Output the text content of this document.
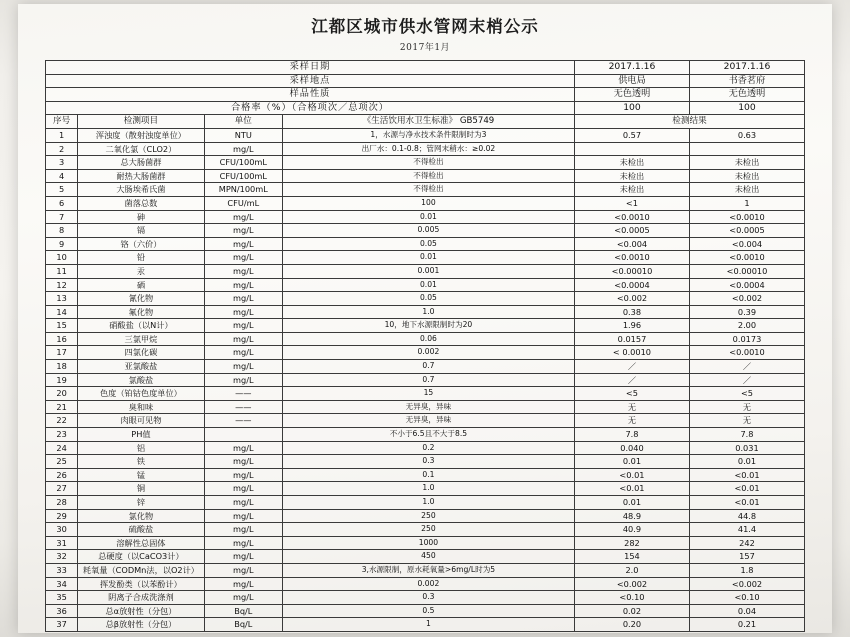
江都区城市供水管网末梢公示
2017年1月
采样日期				2017.1.16	2017.1.16
采样地点				供电局	书香茗府
样品性质				无色透明	无色透明
合格率（%）（合格项次／总项次）				100	100
序号	检测项目	单位	《生活饮用水卫生标准》 GB5749	检测结果	
1	浑浊度（散射浊度单位）	NTU	1，水源与净水技术条件限制时为3	0.57	0.63
2	二氧化氯（CLO2）	mg/L	出厂水：0.1-0.8；管网末稍水：≥0.02		
3	总大肠菌群	CFU/100mL	不得检出	未检出	未检出
4	耐热大肠菌群	CFU/100mL	不得检出	未检出	未检出
5	大肠埃希氏菌	MPN/100mL	不得检出	未检出	未检出
6	菌落总数	CFU/mL	100	<1	1
7	砷	mg/L	0.01	<0.0010	<0.0010
8	镉	mg/L	0.005	<0.0005	<0.0005
9	铬（六价）	mg/L	0.05	<0.004	<0.004
10	铅	mg/L	0.01	<0.0010	<0.0010
11	汞	mg/L	0.001	<0.00010	<0.00010
12	硒	mg/L	0.01	<0.0004	<0.0004
13	氰化物	mg/L	0.05	<0.002	<0.002
14	氟化物	mg/L	1.0	0.38	0.39
15	硝酸盐（以N计）	mg/L	10，地下水源限制时为20	1.96	2.00
16	三氯甲烷	mg/L	0.06	0.0157	0.0173
17	四氯化碳	mg/L	0.002	< 0.0010	<0.0010
18	亚氯酸盐	mg/L	0.7	／	／
19	氯酸盐	mg/L	0.7	／	／
20	色度（铂钴色度单位）	——	15	<5	<5
21	臭和味	——	无异臭，异味	无	无
22	肉眼可见物	——	无异臭，异味	无	无
23	PH值		不小于6.5且不大于8.5	7.8	7.8
24	铝	mg/L	0.2	0.040	0.031
25	铁	mg/L	0.3	0.01	0.01
26	锰	mg/L	0.1	<0.01	<0.01
27	铜	mg/L	1.0	<0.01	<0.01
28	锌	mg/L	1.0	0.01	<0.01
29	氯化物	mg/L	250	48.9	44.8
30	硫酸盐	mg/L	250	40.9	41.4
31	溶解性总固体	mg/L	1000	282	242
32	总硬度（以CaCO3计）	mg/L	450	154	157
33	耗氧量（CODMn法，以O2计）	mg/L	3,水源限制，原水耗氧量>6mg/L时为5	2.0	1.8
34	挥发酚类（以苯酚计）	mg/L	0.002	<0.002	<0.002
35	阴离子合成洗涤剂	mg/L	0.3	<0.10	<0.10
36	总α放射性（分包）	Bq/L	0.5	0.02	0.04
37	总β放射性（分包）	Bq/L	1	0.20	0.21
